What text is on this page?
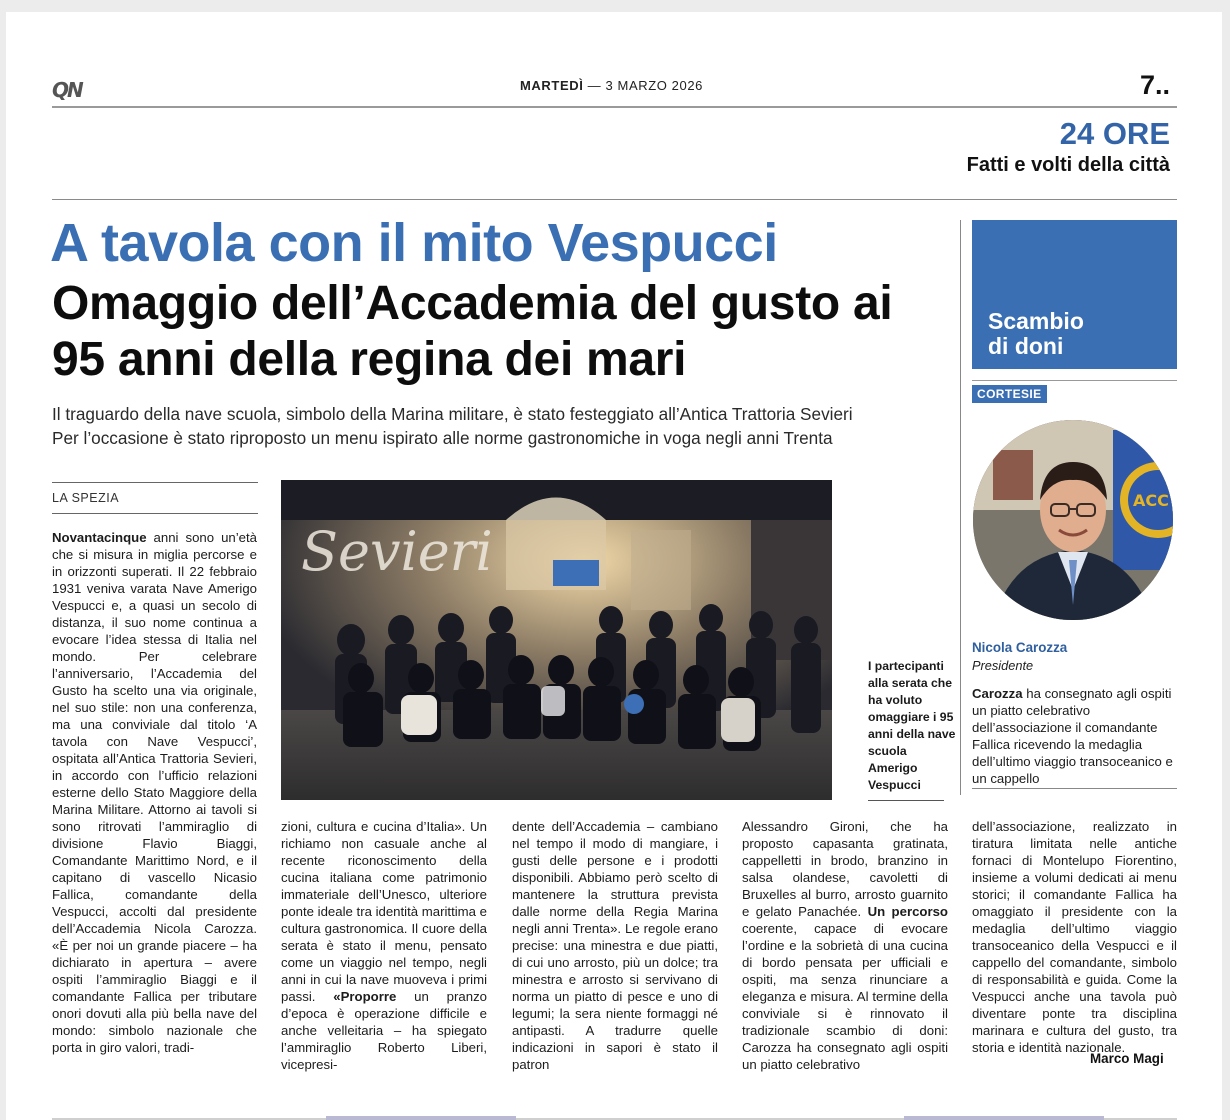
QN	MARTEDÌ — 3 MARZO 2026	7..
24 ORE
Fatti e volti della città
A tavola con il mito Vespucci
Omaggio dell’Accademia del gusto ai 95 anni della regina dei mari
Il traguardo della nave scuola, simbolo della Marina militare, è stato festeggiato all’Antica Trattoria Sevieri
Per l’occasione è stato riproposto un menu ispirato alle norme gastronomiche in voga negli anni Trenta
LA SPEZIA
Sevieri
I partecipanti alla serata che ha voluto omaggiare i 95 anni della nave scuola Amerigo Vespucci
Novantacinque anni sono un’età che si misura in miglia percorse e in orizzonti superati. Il 22 febbraio 1931 veniva varata Nave Amerigo Vespucci e, a quasi un secolo di distanza, il suo nome continua a evocare l’idea stessa di Italia nel mondo. Per celebrare l’anniversario, l’Accademia del Gusto ha scelto una via originale, nel suo stile: non una conferenza, ma una conviviale dal titolo ‘A tavola con Nave Vespucci’, ospitata all’Antica Trattoria Sevieri, in accordo con l’ufficio relazioni esterne dello Stato Maggiore della Marina Militare. Attorno ai tavoli si sono ritrovati l’ammiraglio di divisione Flavio Biaggi, Comandante Marittimo Nord, e il capitano di vascello Nicasio Fallica, comandante della Vespucci, accolti dal presidente dell’Accademia Nicola Carozza. «È per noi un grande piacere – ha dichiarato in apertura – avere ospiti l’ammiraglio Biaggi e il comandante Fallica per tributare onori dovuti alla più bella nave del mondo: simbolo nazionale che porta in giro valori, tradi-
zioni, cultura e cucina d’Italia». Un richiamo non casuale anche al recente riconoscimento della cucina italiana come patrimonio immateriale dell’Unesco, ulteriore ponte ideale tra identità marittima e cultura gastronomica. Il cuore della serata è stato il menu, pensato come un viaggio nel tempo, negli anni in cui la nave muoveva i primi passi. «Proporre un pranzo d’epoca è operazione difficile e anche velleitaria – ha spiegato l’ammiraglio Roberto Liberi, vicepresi-
dente dell’Accademia – cambiano nel tempo il modo di mangiare, i gusti delle persone e i prodotti disponibili. Abbiamo però scelto di mantenere la struttura prevista dalle norme della Regia Marina negli anni Trenta». Le regole erano precise: una minestra e due piatti, di cui uno arrosto, più un dolce; tra minestra e arrosto si servivano di norma un piatto di pesce e uno di legumi; la sera niente formaggi né antipasti. A tradurre quelle indicazioni in sapori è stato il patron
Alessandro Gironi, che ha proposto capasanta gratinata, cappelletti in brodo, branzino in salsa olandese, cavoletti di Bruxelles al burro, arrosto guarnito e gelato Panachée. Un percorso coerente, capace di evocare l’ordine e la sobrietà di una cucina di bordo pensata per ufficiali e ospiti, ma senza rinunciare a eleganza e misura. Al termine della conviviale si è rinnovato il tradizionale scambio di doni: Carozza ha consegnato agli ospiti un piatto celebrativo
dell’associazione, realizzato in tiratura limitata nelle antiche fornaci di Montelupo Fiorentino, insieme a volumi dedicati ai menu storici; il comandante Fallica ha omaggiato il presidente con la medaglia dell’ultimo viaggio transoceanico della Vespucci e il cappello del comandante, simbolo di responsabilità e guida. Come la Vespucci anche una tavola può diventare ponte tra disciplina marinara e cultura del gusto, tra storia e identità nazionale.
Marco Magi
Scambio
di doni
CORTESIE
ACC
Nicola Carozza
Presidente
Carozza ha consegnato agli ospiti un piatto celebrativo dell’associazione il comandante Fallica ricevendo la medaglia dell’ultimo viaggio transoceanico e un cappello
